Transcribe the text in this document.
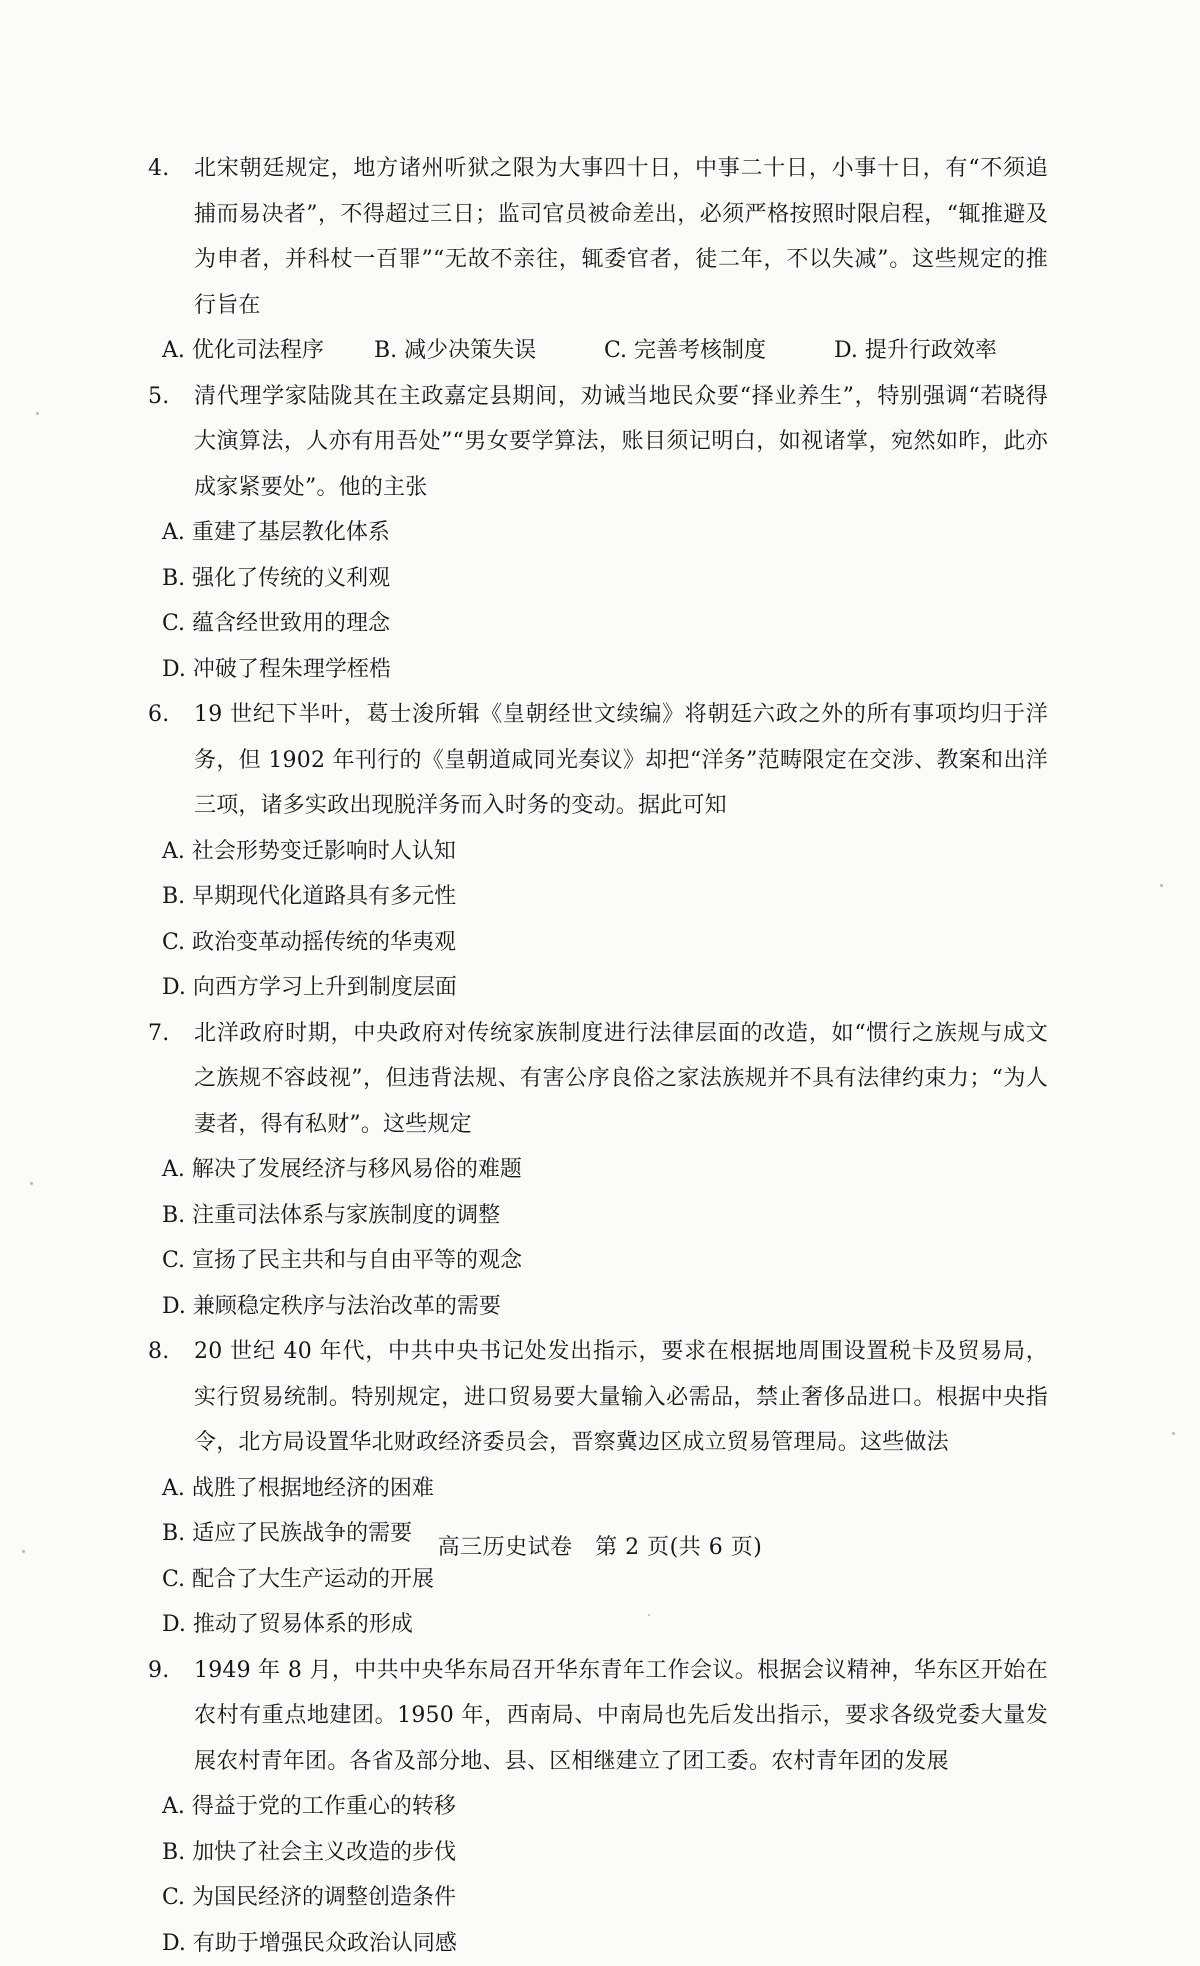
4. 北宋朝廷规定，地方诸州听狱之限为大事四十日，中事二十日，小事十日，有“不须追捕而易决者”，不得超过三日；监司官员被命差出，必须严格按照时限启程，“辄推避及为申者，并科杖一百罪”“无故不亲往，辄委官者，徒二年，不以失减”。这些规定的推行旨在
A. 优化司法程序	B. 减少决策失误	C. 完善考核制度	D. 提升行政效率
5. 清代理学家陆陇其在主政嘉定县期间，劝诫当地民众要“择业养生”，特别强调“若晓得大演算法，人亦有用吾处”“男女要学算法，账目须记明白，如视诸掌，宛然如昨，此亦成家紧要处”。他的主张
A. 重建了基层教化体系
B. 强化了传统的义利观
C. 蕴含经世致用的理念
D. 冲破了程朱理学桎梏
6. 19 世纪下半叶，葛士浚所辑《皇朝经世文续编》将朝廷六政之外的所有事项均归于洋务，但 1902 年刊行的《皇朝道咸同光奏议》却把“洋务”范畴限定在交涉、教案和出洋三项，诸多实政出现脱洋务而入时务的变动。据此可知
A. 社会形势变迁影响时人认知
B. 早期现代化道路具有多元性
C. 政治变革动摇传统的华夷观
D. 向西方学习上升到制度层面
7. 北洋政府时期，中央政府对传统家族制度进行法律层面的改造，如“惯行之族规与成文之族规不容歧视”，但违背法规、有害公序良俗之家法族规并不具有法律约束力；“为人妻者，得有私财”。这些规定
A. 解决了发展经济与移风易俗的难题
B. 注重司法体系与家族制度的调整
C. 宣扬了民主共和与自由平等的观念
D. 兼顾稳定秩序与法治改革的需要
8. 20 世纪 40 年代，中共中央书记处发出指示，要求在根据地周围设置税卡及贸易局，实行贸易统制。特别规定，进口贸易要大量输入必需品，禁止奢侈品进口。根据中央指令，北方局设置华北财政经济委员会，晋察冀边区成立贸易管理局。这些做法
A. 战胜了根据地经济的困难
B. 适应了民族战争的需要
C. 配合了大生产运动的开展
D. 推动了贸易体系的形成
9. 1949 年 8 月，中共中央华东局召开华东青年工作会议。根据会议精神，华东区开始在农村有重点地建团。1950 年，西南局、中南局也先后发出指示，要求各级党委大量发展农村青年团。各省及部分地、县、区相继建立了团工委。农村青年团的发展
A. 得益于党的工作重心的转移
B. 加快了社会主义改造的步伐
C. 为国民经济的调整创造条件
D. 有助于增强民众政治认同感
高三历史试卷　第 2 页(共 6 页)
